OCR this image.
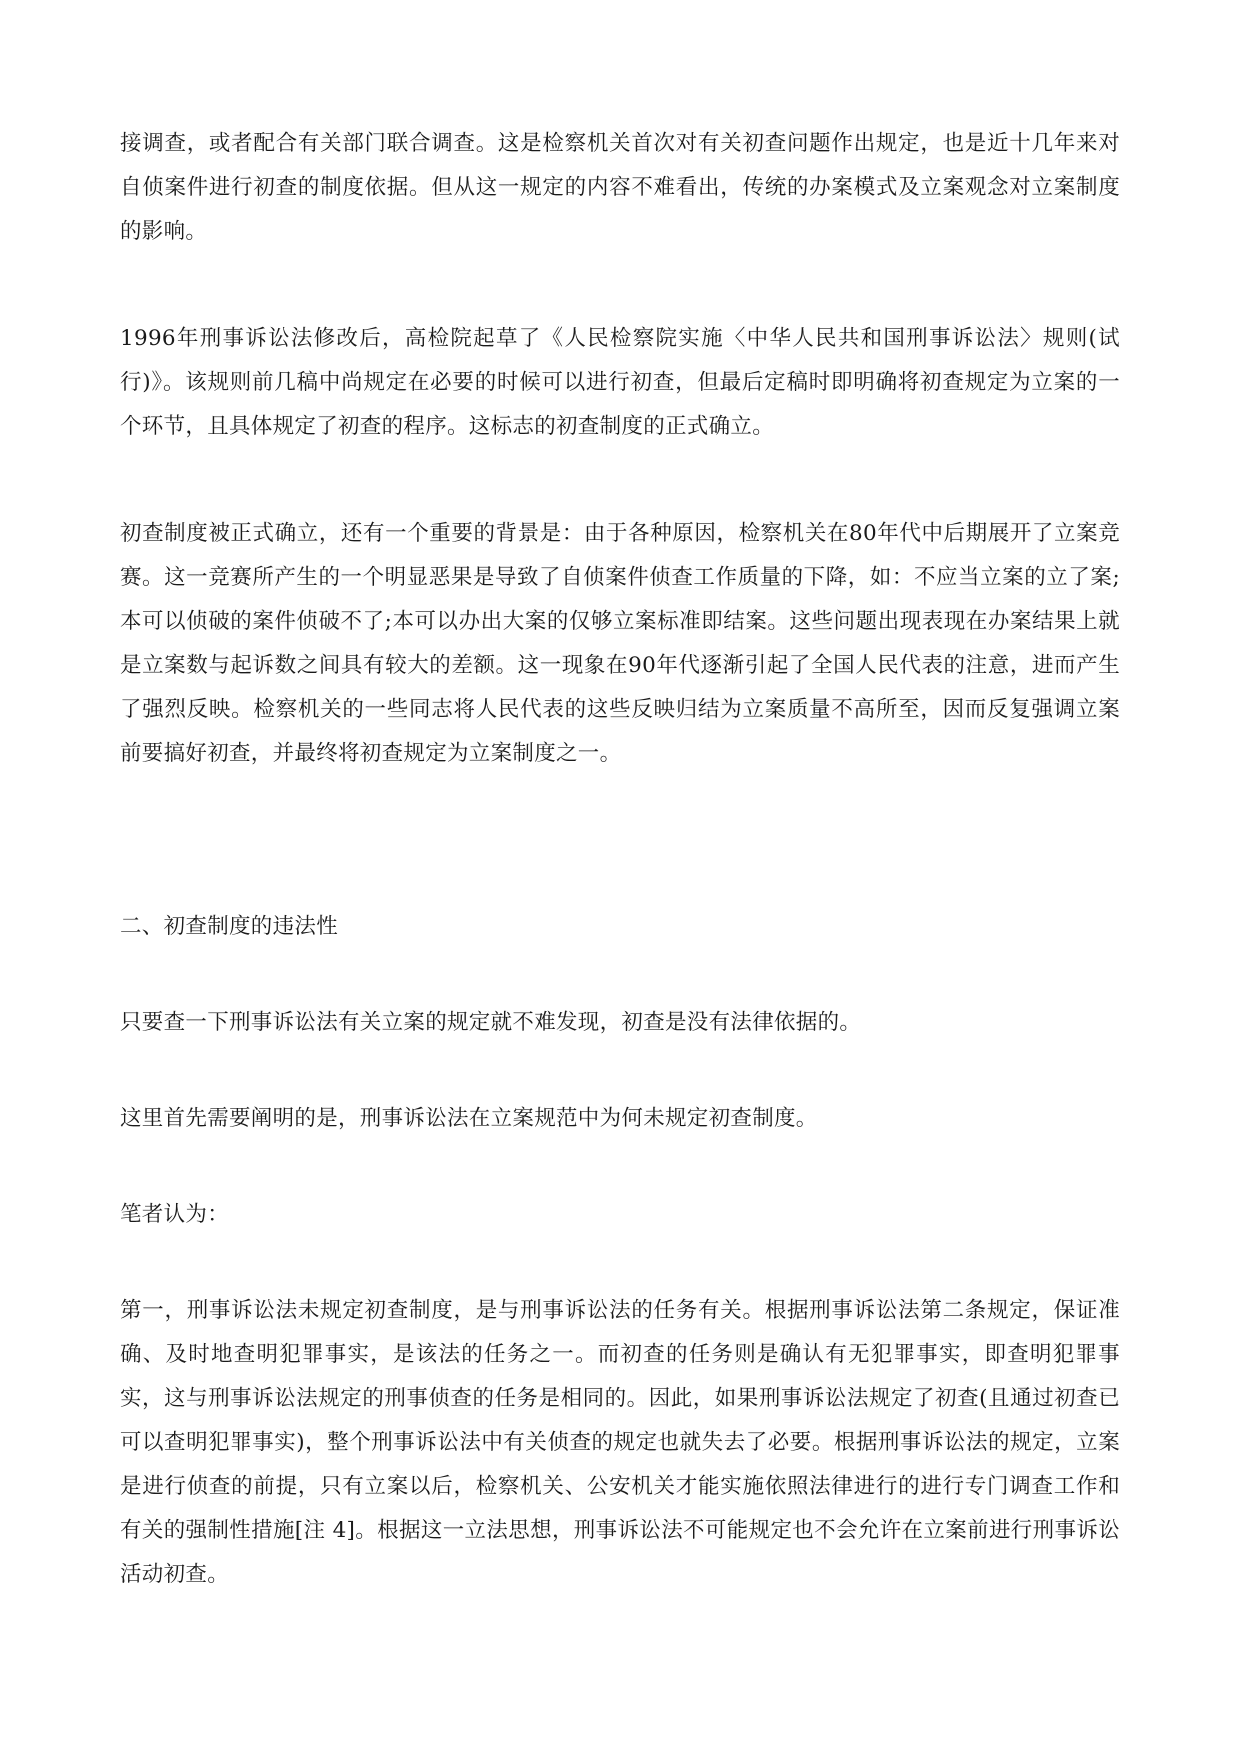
接调查，或者配合有关部门联合调查。这是检察机关首次对有关初查问题作出规定，也是近十几年来对自侦案件进行初查的制度依据。但从这一规定的内容不难看出，传统的办案模式及立案观念对立案制度的影响。

1996年刑事诉讼法修改后，高检院起草了《人民检察院实施〈中华人民共和国刑事诉讼法〉规则(试行)》。该规则前几稿中尚规定在必要的时候可以进行初查，但最后定稿时即明确将初查规定为立案的一个环节，且具体规定了初查的程序。这标志的初查制度的正式确立。

初查制度被正式确立，还有一个重要的背景是：由于各种原因，检察机关在80年代中后期展开了立案竞赛。这一竞赛所产生的一个明显恶果是导致了自侦案件侦查工作质量的下降，如：不应当立案的立了案;本可以侦破的案件侦破不了;本可以办出大案的仅够立案标准即结案。这些问题出现表现在办案结果上就是立案数与起诉数之间具有较大的差额。这一现象在90年代逐渐引起了全国人民代表的注意，进而产生了强烈反映。检察机关的一些同志将人民代表的这些反映归结为立案质量不高所至，因而反复强调立案前要搞好初查，并最终将初查规定为立案制度之一。

二、初查制度的违法性

只要查一下刑事诉讼法有关立案的规定就不难发现，初查是没有法律依据的。

这里首先需要阐明的是，刑事诉讼法在立案规范中为何未规定初查制度。

笔者认为：

第一，刑事诉讼法未规定初查制度，是与刑事诉讼法的任务有关。根据刑事诉讼法第二条规定，保证准确、及时地查明犯罪事实，是该法的任务之一。而初查的任务则是确认有无犯罪事实，即查明犯罪事实，这与刑事诉讼法规定的刑事侦查的任务是相同的。因此，如果刑事诉讼法规定了初查(且通过初查已可以查明犯罪事实)，整个刑事诉讼法中有关侦查的规定也就失去了必要。根据刑事诉讼法的规定，立案是进行侦查的前提，只有立案以后，检察机关、公安机关才能实施依照法律进行的进行专门调查工作和有关的强制性措施[注 4]。根据这一立法思想，刑事诉讼法不可能规定也不会允许在立案前进行刑事诉讼活动初查。
